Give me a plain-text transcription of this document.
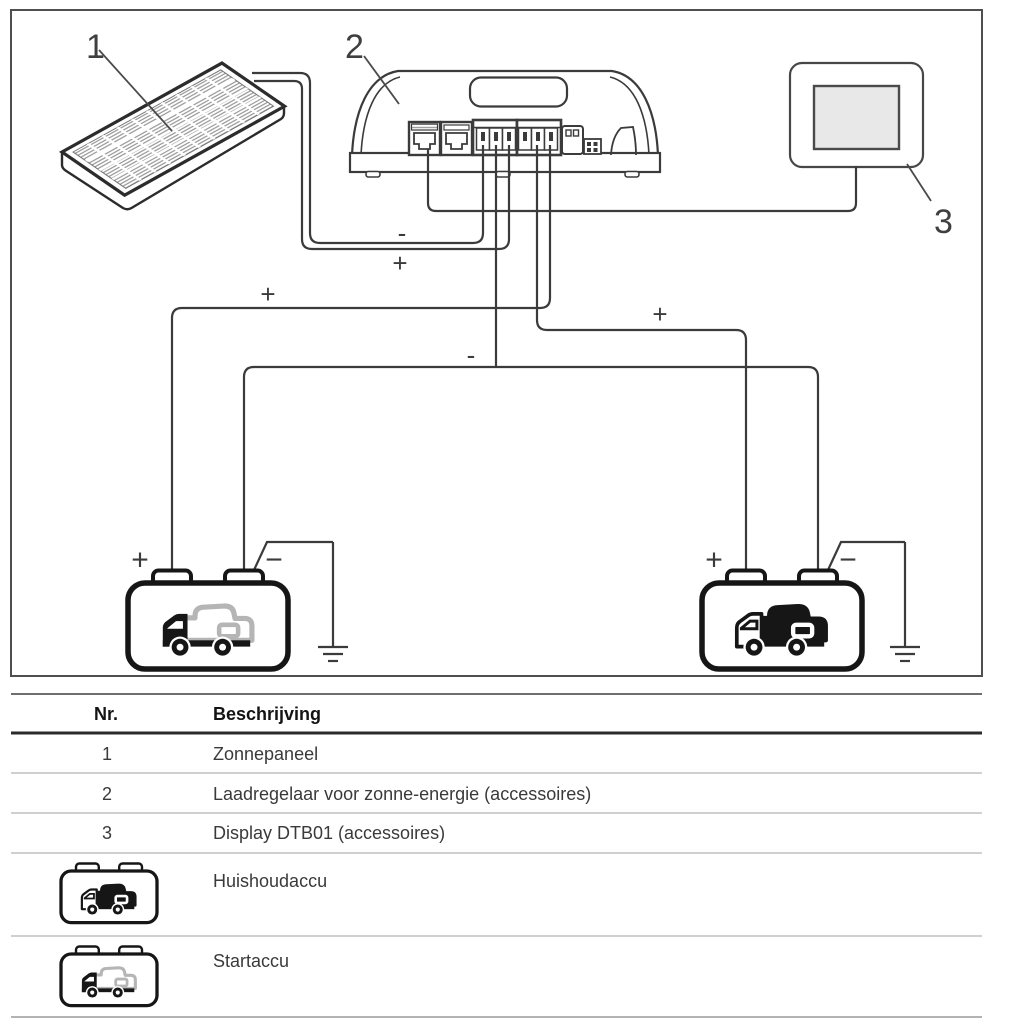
1	2
3
-
+
+
+
-
+	−	+	−
Nr.	Beschrijving
1	Zonnepaneel
2	Laadregelaar voor zonne-energie (accessoires)
3	Display DTB01 (accessoires)
Huishoudaccu
Startaccu
